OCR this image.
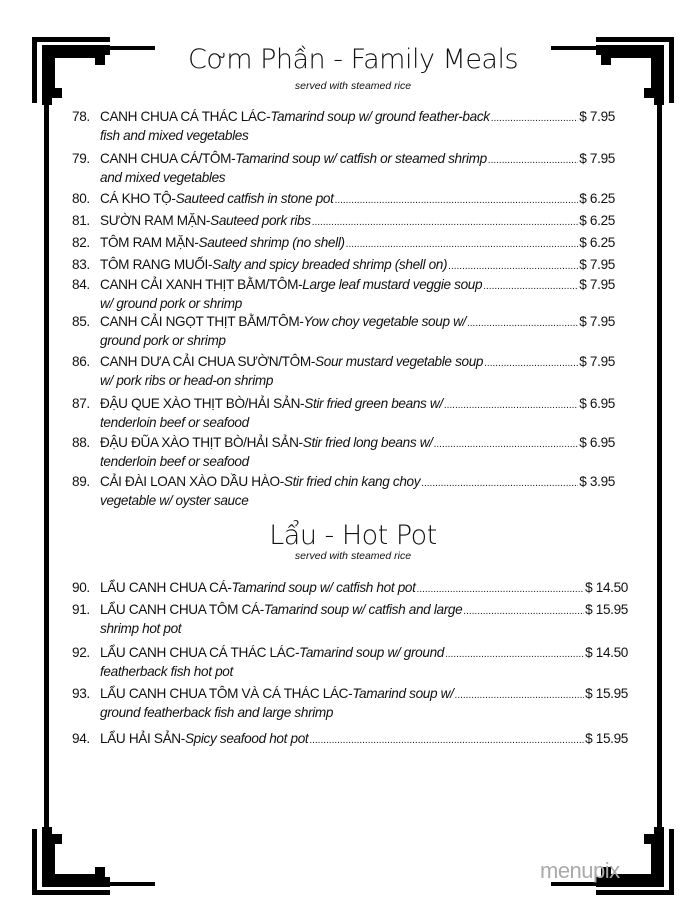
Cơm Phần - Family Meals
served with steamed rice
78. CANH CHUA CÁ THÁC LÁC - Tamarind soup w/ ground feather-back .....	$ 7.95
fish and mixed vegetables
79. CANH CHUA CÁ/TÔM - Tamarind soup w/ catfish or steamed shrimp .....	$ 7.95
and mixed vegetables
80. CÁ KHO TỘ - Sauteed catfish in stone pot .....	$ 6.25
81. SƯỜN RAM MẶN - Sauteed pork ribs .....	$ 6.25
82. TÔM RAM MẶN - Sauteed shrimp (no shell) .....	$ 6.25
83. TÔM RANG MUỐI - Salty and spicy breaded shrimp (shell on) .....	$ 7.95
84. CANH CẢI XANH THỊT BẰM/TÔM - Large leaf mustard veggie soup .....	$ 7.95
w/ ground pork or shrimp
85. CANH CẢI NGỌT THỊT BẰM/TÔM - Yow choy vegetable soup w/ .....	$ 7.95
ground pork or shrimp
86. CANH DƯA CẢI CHUA SƯỜN/TÔM - Sour mustard vegetable soup .....	$ 7.95
w/ pork ribs or head-on shrimp
87. ĐẬU QUE XÀO THỊT BÒ/HẢI SẢN - Stir fried green beans w/ .....	$ 6.95
tenderloin beef or seafood
88. ĐẬU ĐŨA XÀO THỊT BÒ/HẢI SẢN - Stir fried long beans w/ .....	$ 6.95
tenderloin beef or seafood
89. CẢI ĐÀI LOAN XÀO DẦU HÀO - Stir fried chin kang choy .....	$ 3.95
vegetable w/ oyster sauce
Lẩu - Hot Pot
served with steamed rice
90. LẨU CANH CHUA CÁ - Tamarind soup w/ catfish hot pot .....	$ 14.50
91. LẨU CANH CHUA TÔM CÁ - Tamarind soup w/ catfish and large .....	$ 15.95
shrimp hot pot
92. LẨU CANH CHUA CÁ THÁC LÁC - Tamarind soup w/ ground .....	$ 14.50
featherback fish hot pot
93. LẨU CANH CHUA TÔM VÀ CÁ THÁC LÁC - Tamarind soup w/ .....	$ 15.95
ground featherback fish and large shrimp
94. LẨU HẢI SẢN - Spicy seafood hot pot .....	$ 15.95
menupix
